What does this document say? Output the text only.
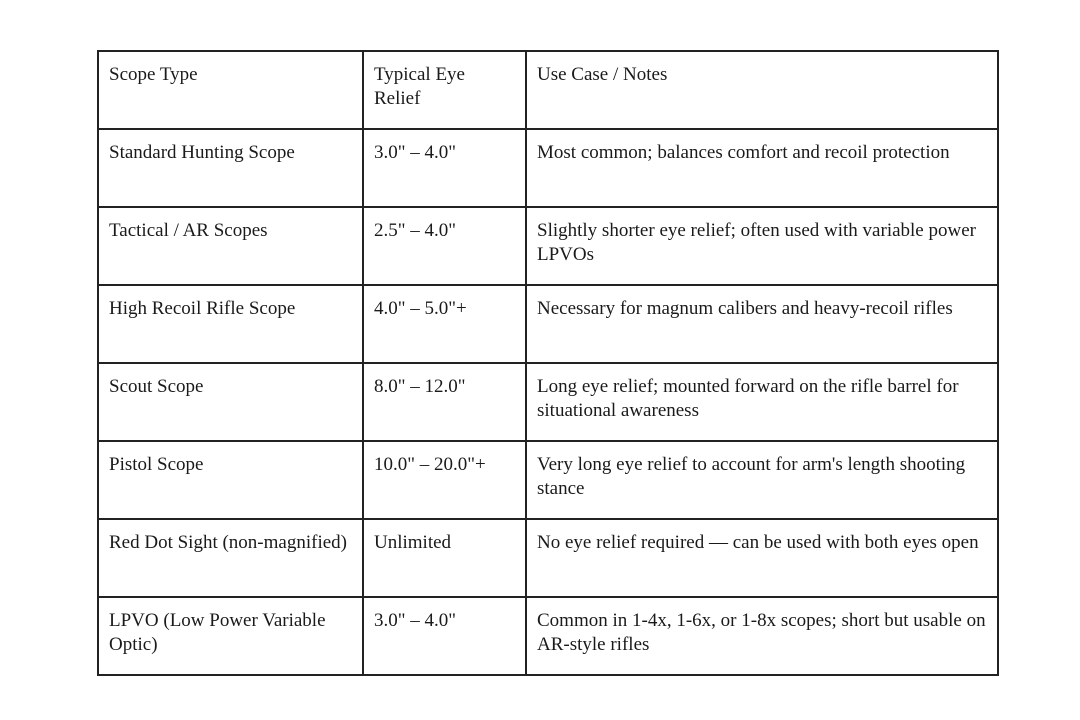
Scope Type	Typical Eye Relief	Use Case / Notes
Standard Hunting Scope	3.0" – 4.0"	Most common; balances comfort and recoil protection
Tactical / AR Scopes	2.5" – 4.0"	Slightly shorter eye relief; often used with variable power LPVOs
High Recoil Rifle Scope	4.0" – 5.0"+	Necessary for magnum calibers and heavy-recoil rifles
Scout Scope	8.0" – 12.0"	Long eye relief; mounted forward on the rifle barrel for situational awareness
Pistol Scope	10.0" – 20.0"+	Very long eye relief to account for arm's length shooting stance
Red Dot Sight (non-magnified)	Unlimited	No eye relief required — can be used with both eyes open
LPVO (Low Power Variable Optic)	3.0" – 4.0"	Common in 1-4x, 1-6x, or 1-8x scopes; short but usable on AR-style rifles
